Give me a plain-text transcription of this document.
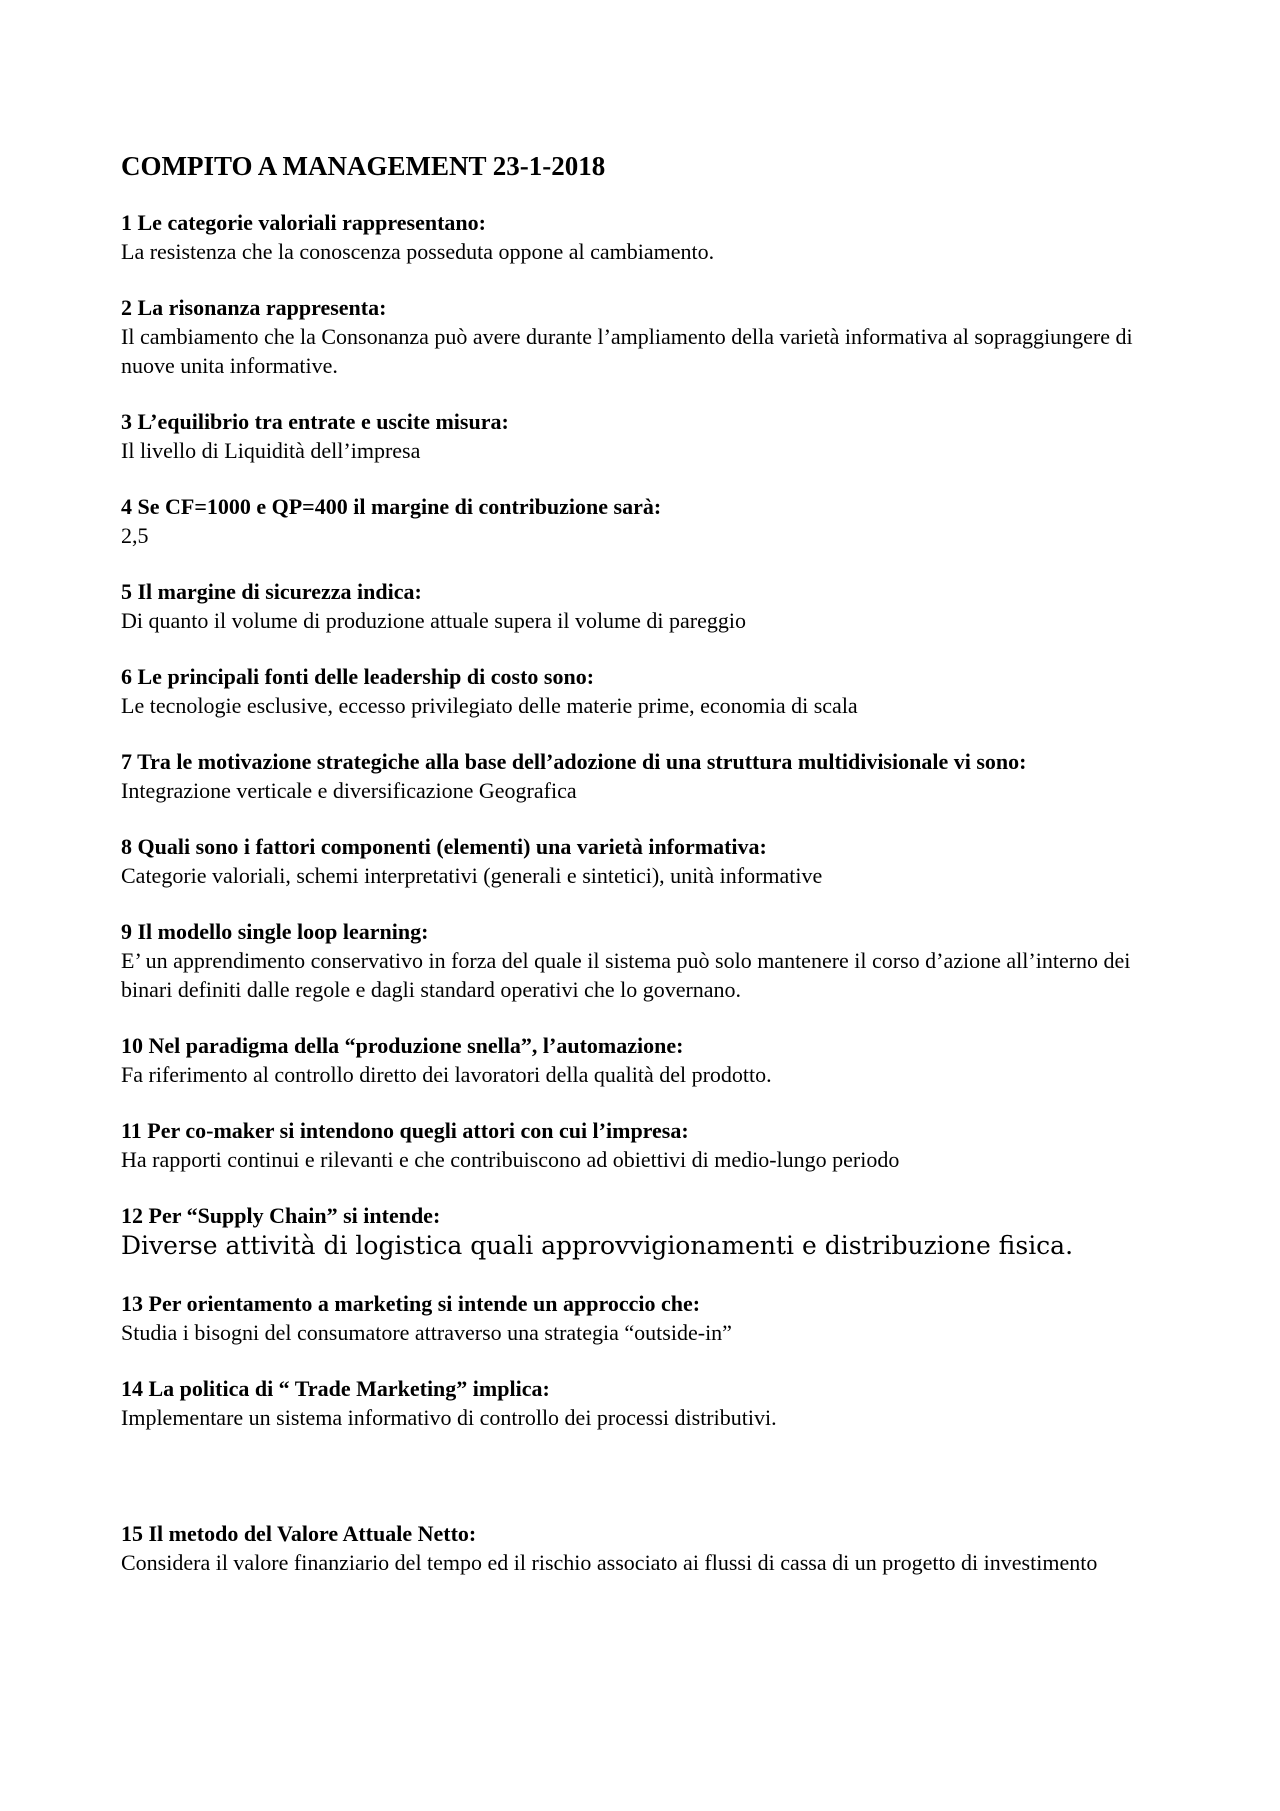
COMPITO A MANAGEMENT 23-1-2018

1 Le categorie valoriali rappresentano:

La resistenza che la conoscenza posseduta oppone al cambiamento.

2 La risonanza rappresenta:

Il cambiamento che la Consonanza può avere durante l’ampliamento della varietà informativa al sopraggiungere di nuove unita informative.

3 L’equilibrio tra entrate e uscite misura:

Il livello di Liquidità dell’impresa

4 Se CF=1000 e QP=400 il margine di contribuzione sarà:

2,5

5 Il margine di sicurezza indica:

Di quanto il volume di produzione attuale supera il volume di pareggio

6 Le principali fonti delle leadership di costo sono:

Le tecnologie esclusive, eccesso privilegiato delle materie prime, economia di scala

7 Tra le motivazione strategiche alla base dell’adozione di una struttura multidivisionale vi sono:

Integrazione verticale e diversificazione Geografica

8 Quali sono i fattori componenti (elementi) una varietà informativa:

Categorie valoriali, schemi interpretativi (generali e sintetici), unità informative

9 Il modello single loop learning:

E’ un apprendimento conservativo in forza del quale il sistema può solo mantenere il corso d’azione all’interno dei binari definiti dalle regole e dagli standard operativi che lo governano.

10 Nel paradigma della “produzione snella”, l’automazione:

Fa riferimento al controllo diretto dei lavoratori della qualità del prodotto.

11 Per co-maker si intendono quegli attori con cui l’impresa:

Ha rapporti continui e rilevanti e che contribuiscono ad obiettivi di medio-lungo periodo

12 Per “Supply Chain” si intende:

Diverse attività di logistica quali approvvigionamenti e distribuzione fisica.

13 Per orientamento a marketing si intende un approccio che:

Studia i bisogni del consumatore attraverso una strategia “outside-in”

14 La politica di “ Trade Marketing” implica:

Implementare un sistema informativo di controllo dei processi distributivi.

15 Il metodo del Valore Attuale Netto:

Considera il valore finanziario del tempo ed il rischio associato ai flussi di cassa di un progetto di investimento
